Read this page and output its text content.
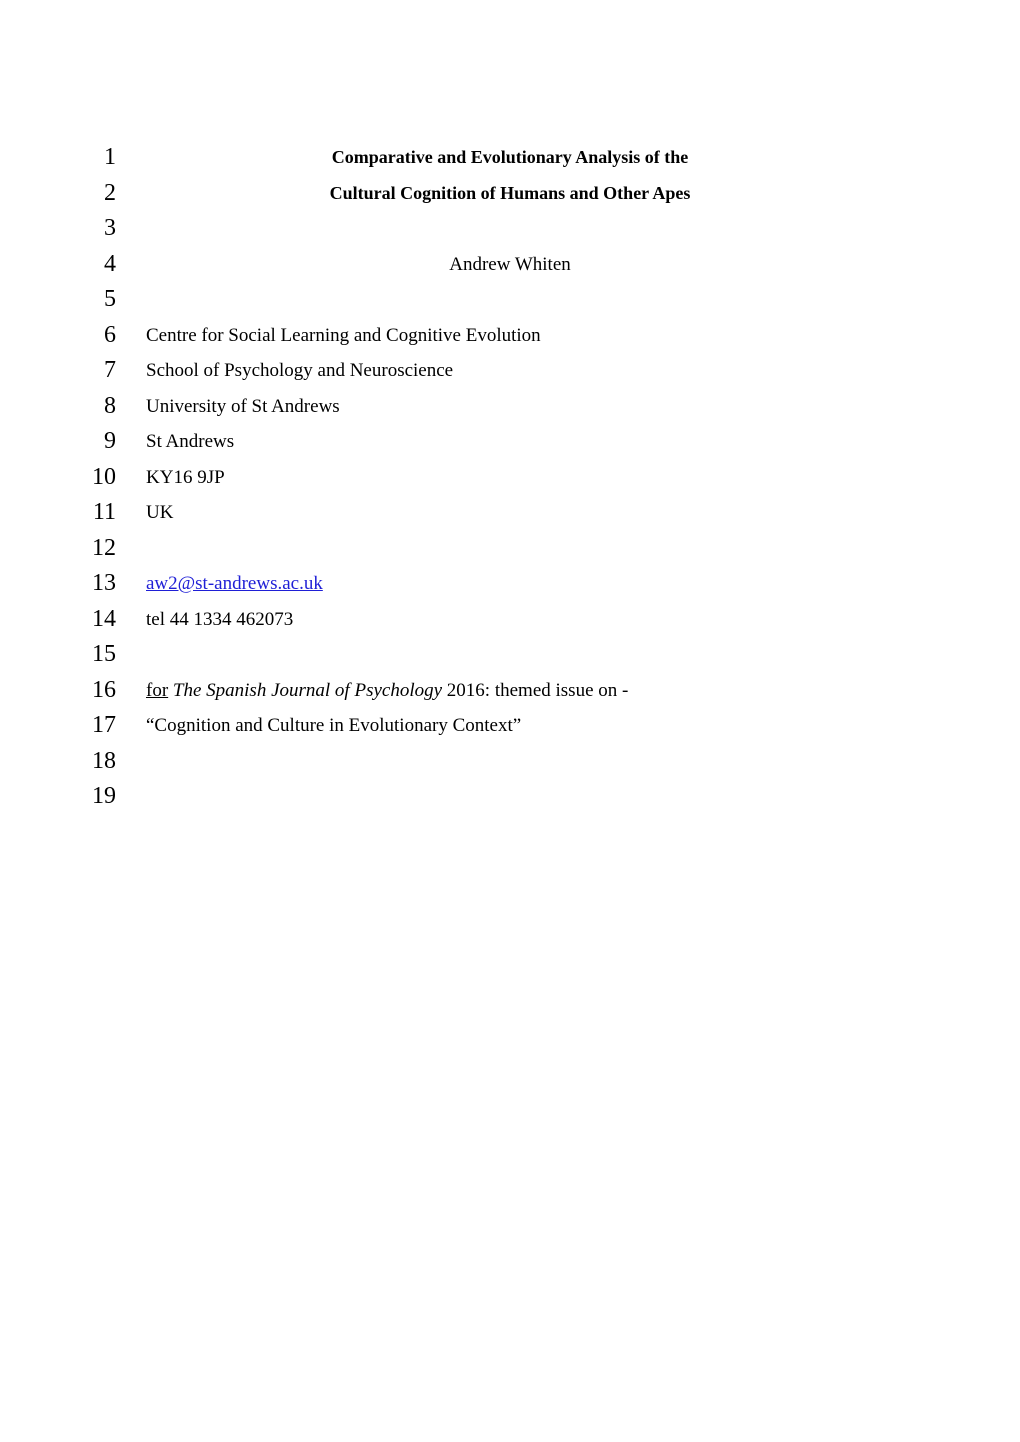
1
2
3
4
5
6
7
8
9
10
11
12
13
14
15
16
17
18
19
Comparative and Evolutionary Analysis of the
Cultural Cognition of Humans and Other Apes
Andrew Whiten
Centre for Social Learning and Cognitive Evolution
School of Psychology and Neuroscience
University of St Andrews
St Andrews
KY16 9JP
UK
aw2@st-andrews.ac.uk
tel 44 1334 462073
for The Spanish Journal of Psychology 2016: themed issue on -
“Cognition and Culture in Evolutionary Context”
